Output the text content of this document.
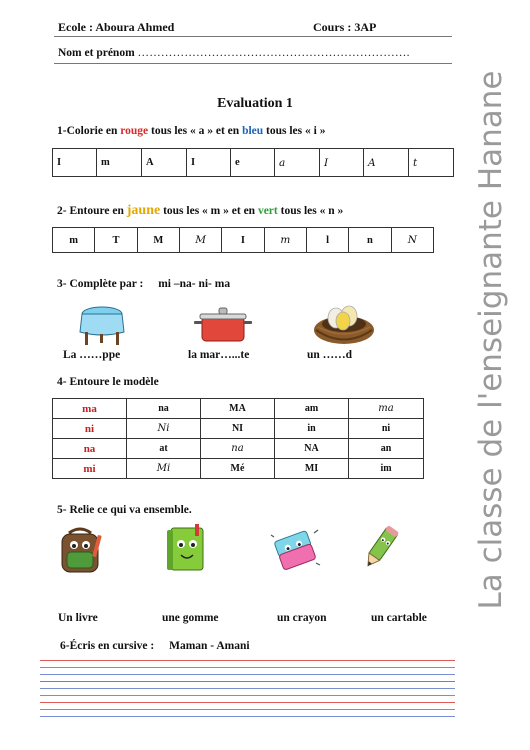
Ecole : Aboura Ahmed	Cours : 3AP
Nom et prénom …………………………………………………………….
Evaluation 1
1-Colorie en rouge tous les « a » et en bleu tous les « i »
I	m	A	I	e	a	I	A	t
2- Entoure en jaune tous les « m » et en vert tous les « n »
m	T	M	M	I	m	l	n	N
3- Complète par : mi –na- ni- ma
La ……ppe	la mar…...te	un ……d
4- Entoure le modèle
ma	na	MA	am	ma
ni	Ni	NI	in	ni
na	at	na	NA	an
mi	Mi	Mé	MI	im
5- Relie ce qui va ensemble.
Un livre	une gomme	un crayon	un cartable
6-Écris en cursive : Maman - Amani
La classe de l'enseignante Hanane
